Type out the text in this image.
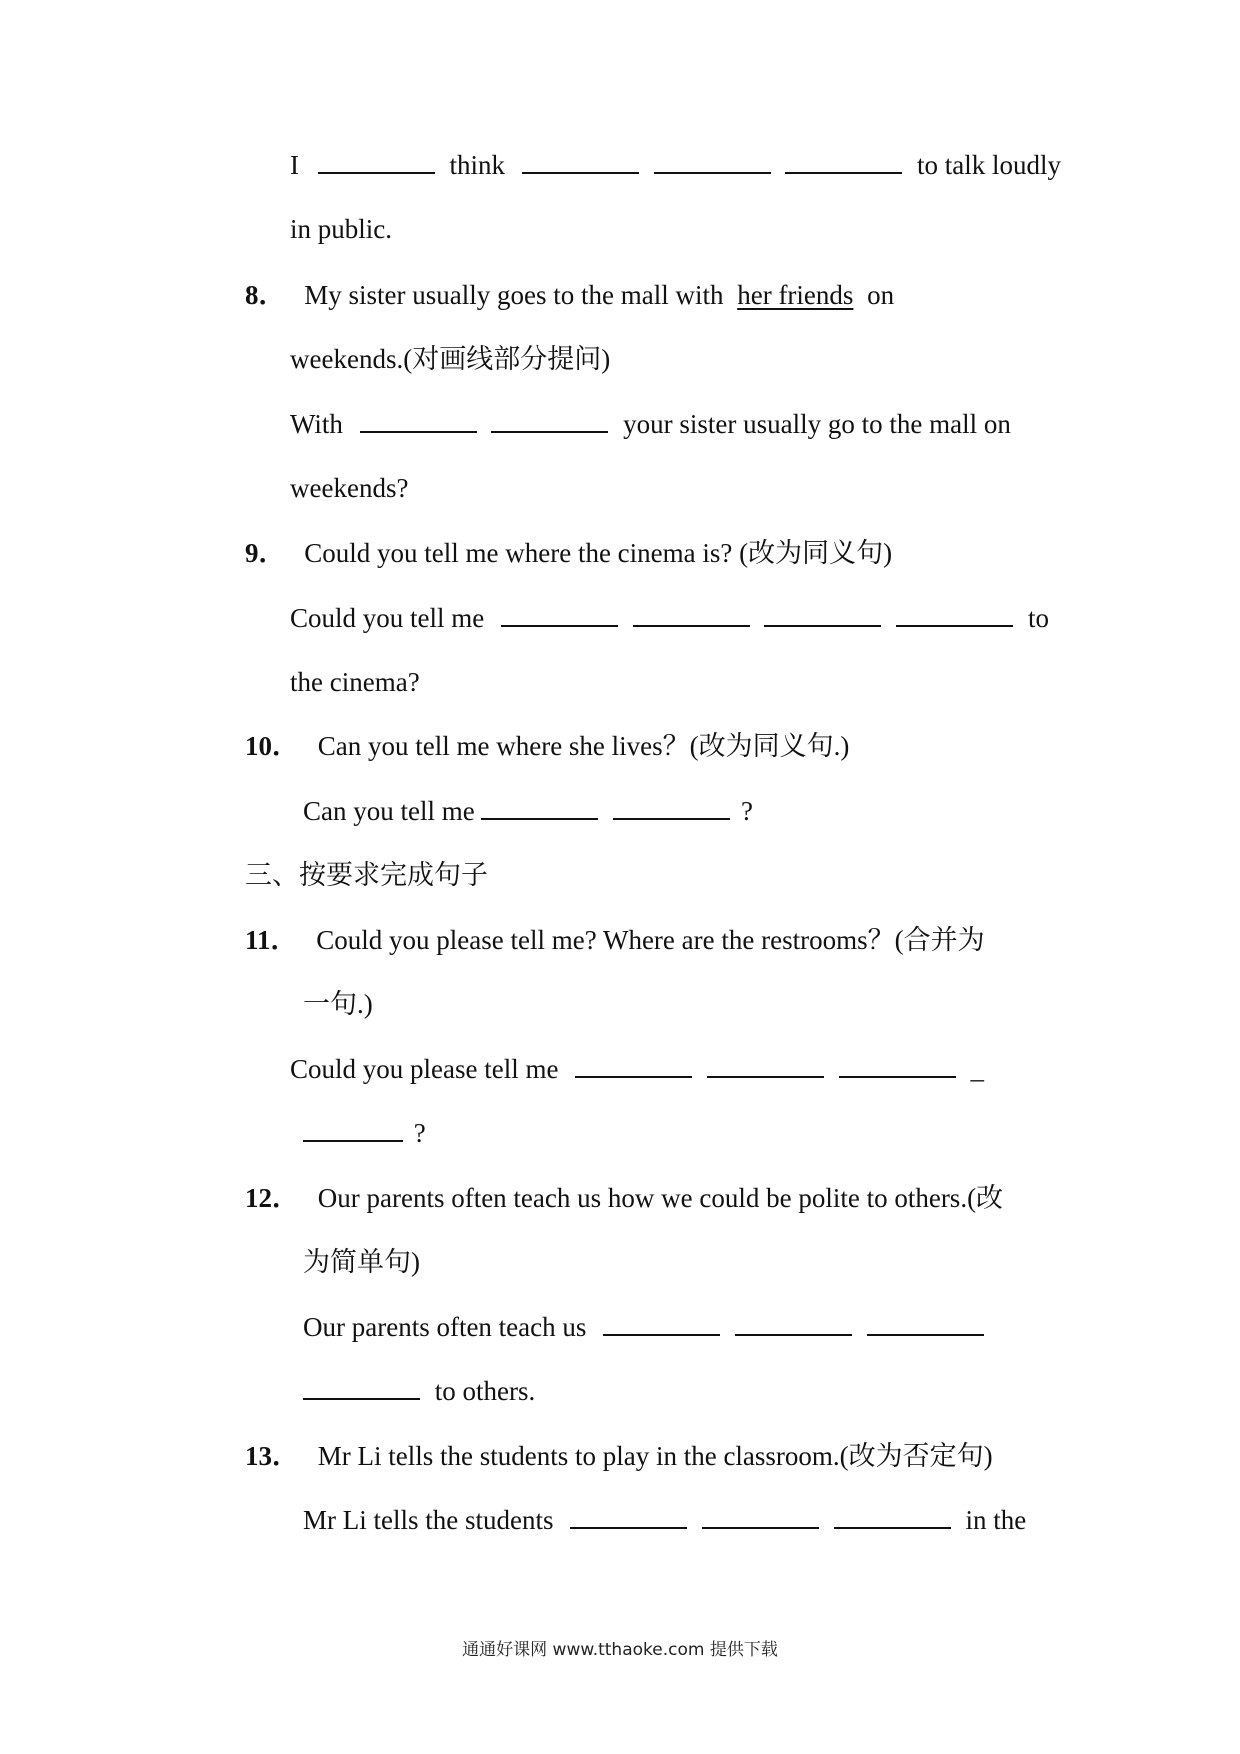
I	think	to talk loudly
in public.
8． My sister usually goes to the mall with her friends on
weekends.(对画线部分提问)
With	your sister usually go to the mall on
weekends?
9． Could you tell me where the cinema is? (改为同义句)
Could you tell me	to
the cinema?
10． Can you tell me where she lives？(改为同义句.)
Can you tell me	?
三、按要求完成句子
11． Could you please tell me? Where are the restrooms？(合并为
一句.)
Could you please tell me	_
?
12． Our parents often teach us how we could be polite to others.(改
为简单句)
Our parents often teach us
to others.
13． Mr Li tells the students to play in the classroom.(改为否定句)
Mr Li tells the students	in the
通通好课网 www.tthaoke.com 提供下载
